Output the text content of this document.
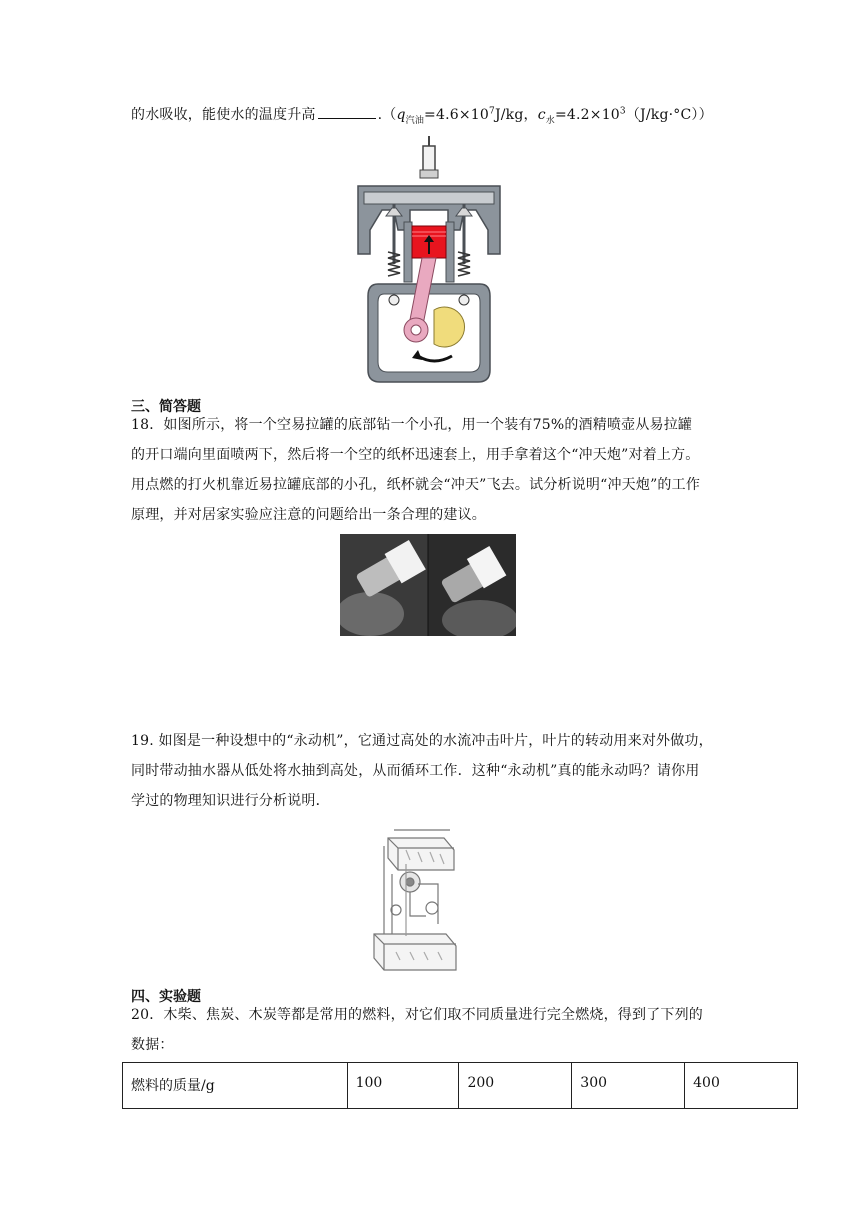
的水吸收，能使水的温度升高	$.(q_{汽油}=4.6\times 10^7J/kg$，$c_水=4.2\times 10^3(J/kg\cdot^\circ C)$）
三、简答题
18．如图所示，将一个空易拉罐的底部钻一个小孔，用一个装有75%的酒精喷壶从易拉罐
的开口端向里面喷两下，然后将一个空的纸杯迅速套上，用手拿着这个“冲天炮”对着上方。
用点燃的打火机靠近易拉罐底部的小孔，纸杯就会“冲天”飞去。试分析说明“冲天炮”的工作
原理，并对居家实验应注意的问题给出一条合理的建议。
19. 如图是一种设想中的“永动机”，它通过高处的水流冲击叶片，叶片的转动用来对外做功，
同时带动抽水器从低处将水抽到高处，从而循环工作．这种“永动机”真的能永动吗？请你用
学过的物理知识进行分析说明．
四、实验题
20．木柴、焦炭、木炭等都是常用的燃料，对它们取不同质量进行完全燃烧，得到了下列的
数据：
燃料的质量/g	100	200	300	400
